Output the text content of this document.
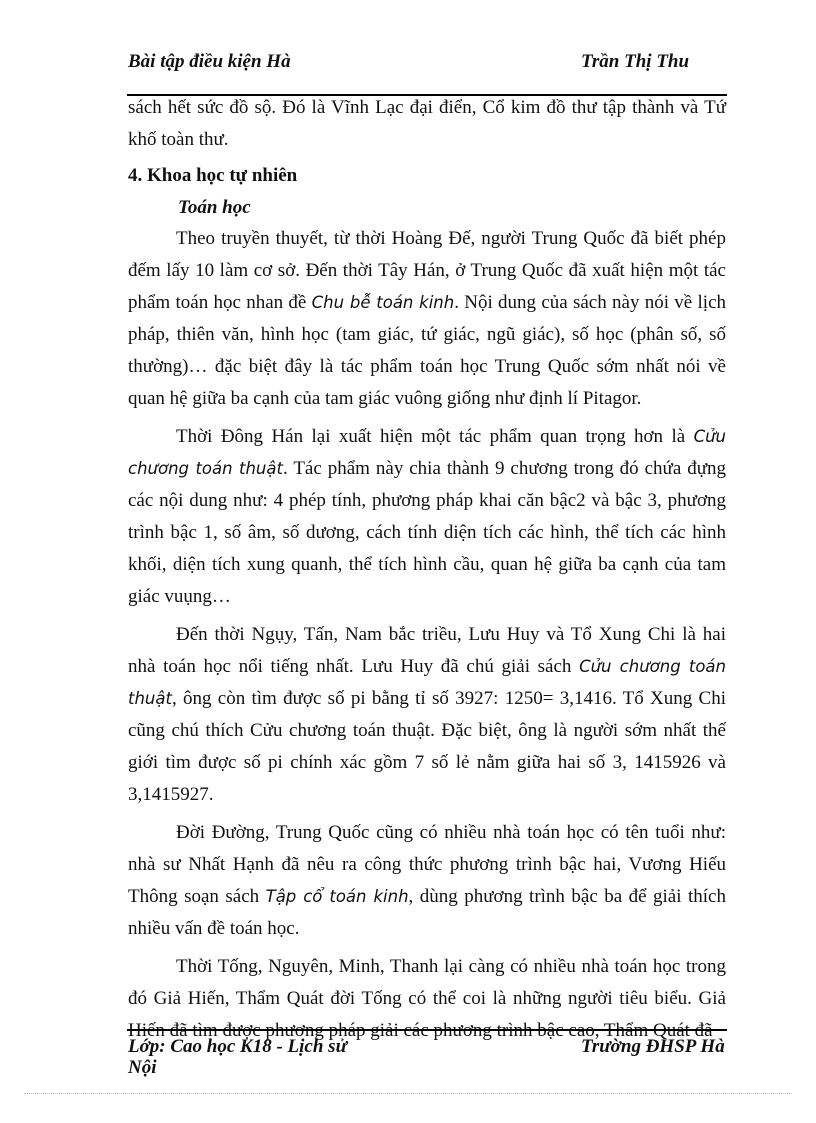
Bài tập điều kiện Hà	Trần Thị Thu

sách hết sức đồ sộ. Đó là Vĩnh Lạc đại điển, Cổ kim đồ thư tập thành và Tứ khố toàn thư.

4. Khoa học tự nhiên
Toán học

Theo truyền thuyết, từ thời Hoàng Đế, người Trung Quốc đã biết phép đếm lấy 10 làm cơ sở. Đến thời Tây Hán, ở Trung Quốc đã xuất hiện một tác phẩm toán học nhan đề Chu bễ toán kinh. Nội dung của sách này nói về lịch pháp, thiên văn, hình học (tam giác, tứ giác, ngũ giác), số học (phân số, số thường)… đặc biệt đây là tác phẩm toán học Trung Quốc sớm nhất nói về quan hệ giữa ba cạnh của tam giác vuông giống như định lí Pitagor.

Thời Đông Hán lại xuất hiện một tác phẩm quan trọng hơn là Cửu chương toán thuật. Tác phẩm này chia thành 9 chương trong đó chứa đựng các nội dung như: 4 phép tính, phương pháp khai căn bậc2 và bậc 3, phương trình bậc 1, số âm, số dương, cách tính diện tích các hình, thể tích các hình khối, diện tích xung quanh, thể tích hình cầu, quan hệ giữa ba cạnh của tam giác vuụng…

Đến thời Ngụy, Tấn, Nam bắc triều, Lưu Huy và Tổ Xung Chi là hai nhà toán học nổi tiếng nhất. Lưu Huy đã chú giải sách Cửu chương toán thuật, ông còn tìm được số pi bằng tỉ số 3927: 1250= 3,1416. Tổ Xung Chi cũng chú thích Cửu chương toán thuật. Đặc biệt, ông là người sớm nhất thế giới tìm được số pi chính xác gồm 7 số lẻ nằm giữa hai số 3, 1415926 và 3,1415927.

Đời Đường, Trung Quốc cũng có nhiều nhà toán học có tên tuổi như: nhà sư Nhất Hạnh đã nêu ra công thức phương trình bậc hai, Vương Hiếu Thông soạn sách Tập cổ toán kinh, dùng phương trình bậc ba để giải thích nhiều vấn đề toán học.

Thời Tống, Nguyên, Minh, Thanh lại càng có nhiều nhà toán học trong đó Giả Hiến, Thẩm Quát đời Tống có thể coi là những người tiêu biểu. Giả Hiến đã tìm được phương pháp giải các phương trình bậc cao, Thẩm Quát đã

Lớp: Cao học K18 - Lịch sử Nội
Trường ĐHSP Hà
